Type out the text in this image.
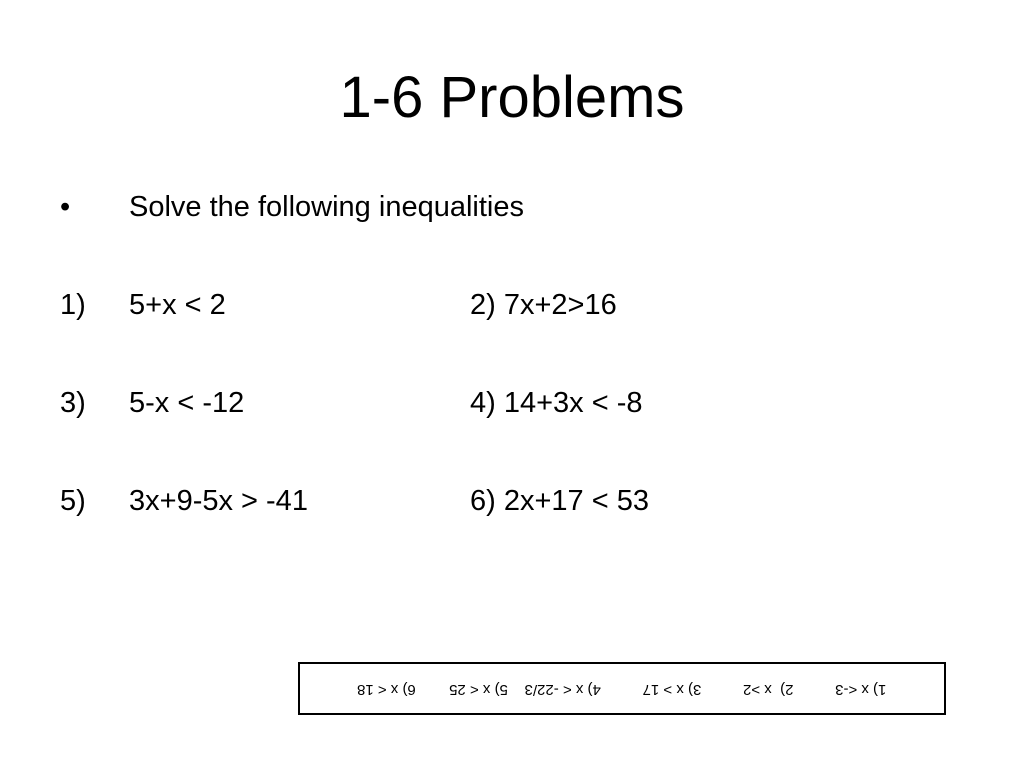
1-6 Problems
• Solve the following inequalities
1) 5+x < 2	2) 7x+2>16
3) 5-x < -12	4) 14+3x < -8
5) 3x+9-5x > -41	6) 2x+17 < 53
1) x <-3          2)  x >2          3) x > 17          4) x < -22/3    5) x < 25        6) x < 18
